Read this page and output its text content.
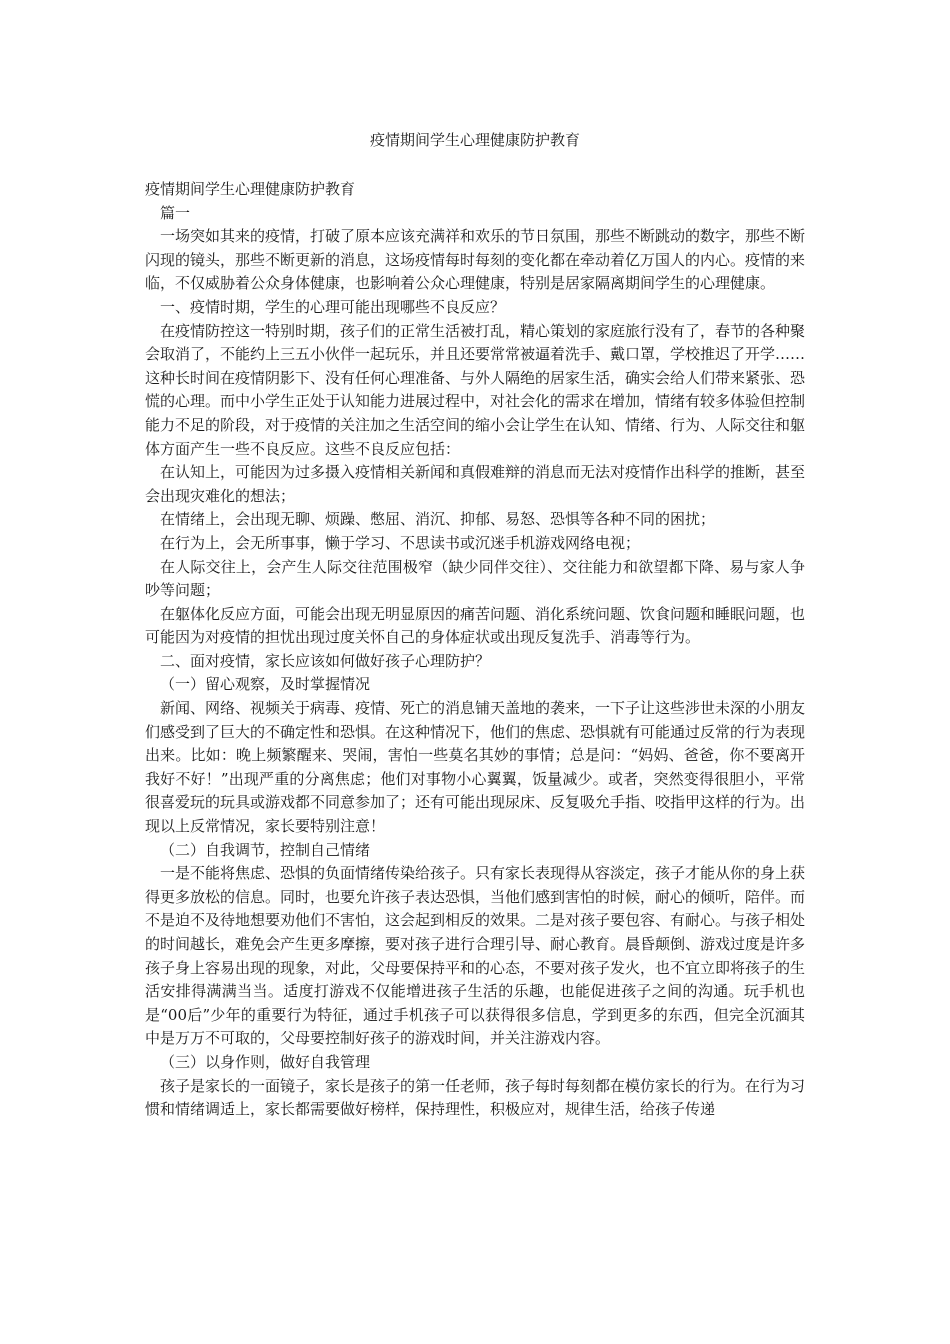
疫情期间学生心理健康防护教育

疫情期间学生心理健康防护教育

篇一

一场突如其来的疫情，打破了原本应该充满祥和欢乐的节日氛围，那些不断跳动的数字，那些不断闪现的镜头，那些不断更新的消息，这场疫情每时每刻的变化都在牵动着亿万国人的内心。疫情的来临，不仅威胁着公众身体健康，也影响着公众心理健康，特别是居家隔离期间学生的心理健康。

一、疫情时期，学生的心理可能出现哪些不良反应？

在疫情防控这一特别时期，孩子们的正常生活被打乱，精心策划的家庭旅行没有了，春节的各种聚会取消了，不能约上三五小伙伴一起玩乐，并且还要常常被逼着洗手、戴口罩，学校推迟了开学……这种长时间在疫情阴影下、没有任何心理准备、与外人隔绝的居家生活，确实会给人们带来紧张、恐慌的心理。而中小学生正处于认知能力进展过程中，对社会化的需求在增加，情绪有较多体验但控制能力不足的阶段，对于疫情的关注加之生活空间的缩小会让学生在认知、情绪、行为、人际交往和躯体方面产生一些不良反应。这些不良反应包括：

在认知上，可能因为过多摄入疫情相关新闻和真假难辩的消息而无法对疫情作出科学的推断，甚至会出现灾难化的想法；

在情绪上，会出现无聊、烦躁、憋屈、消沉、抑郁、易怒、恐惧等各种不同的困扰；

在行为上，会无所事事，懒于学习、不思读书或沉迷手机游戏网络电视；

在人际交往上，会产生人际交往范围极窄（缺少同伴交往）、交往能力和欲望都下降、易与家人争吵等问题；

在躯体化反应方面，可能会出现无明显原因的痛苦问题、消化系统问题、饮食问题和睡眠问题，也可能因为对疫情的担忧出现过度关怀自己的身体症状或出现反复洗手、消毒等行为。

二、面对疫情，家长应该如何做好孩子心理防护？

（一）留心观察，及时掌握情况

新闻、网络、视频关于病毒、疫情、死亡的消息铺天盖地的袭来，一下子让这些涉世未深的小朋友们感受到了巨大的不确定性和恐惧。在这种情况下，他们的焦虑、恐惧就有可能通过反常的行为表现出来。比如：晚上频繁醒来、哭闹，害怕一些莫名其妙的事情；总是问：“妈妈、爸爸，你不要离开我好不好！”出现严重的分离焦虑；他们对事物小心翼翼，饭量减少。或者，突然变得很胆小，平常很喜爱玩的玩具或游戏都不同意参加了；还有可能出现尿床、反复吸允手指、咬指甲这样的行为。出现以上反常情况，家长要特别注意！

（二）自我调节，控制自己情绪

一是不能将焦虑、恐惧的负面情绪传染给孩子。只有家长表现得从容淡定，孩子才能从你的身上获得更多放松的信息。同时，也要允许孩子表达恐惧，当他们感到害怕的时候，耐心的倾听，陪伴。而不是迫不及待地想要劝他们不害怕，这会起到相反的效果。二是对孩子要包容、有耐心。与孩子相处的时间越长，难免会产生更多摩擦，要对孩子进行合理引导、耐心教育。晨昏颠倒、游戏过度是许多孩子身上容易出现的现象，对此，父母要保持平和的心态，不要对孩子发火，也不宜立即将孩子的生活安排得满满当当。适度打游戏不仅能增进孩子生活的乐趣，也能促进孩子之间的沟通。玩手机也是“00后”少年的重要行为特征，通过手机孩子可以获得很多信息，学到更多的东西，但完全沉湎其中是万万不可取的，父母要控制好孩子的游戏时间，并关注游戏内容。

（三）以身作则，做好自我管理

孩子是家长的一面镜子，家长是孩子的第一任老师，孩子每时每刻都在模仿家长的行为。在行为习惯和情绪调适上，家长都需要做好榜样，保持理性，积极应对，规律生活，给孩子传递
